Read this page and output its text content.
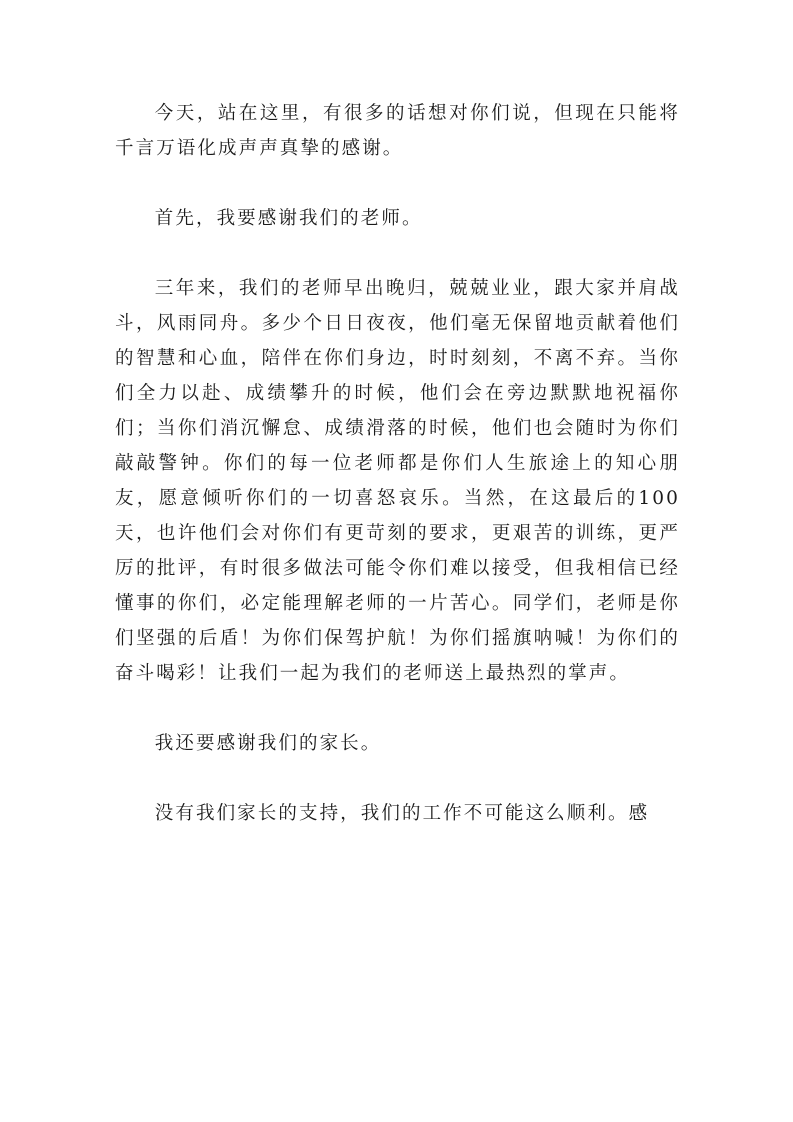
今天，站在这里，有很多的话想对你们说，但现在只能将千言万语化成声声真挚的感谢。

首先，我要感谢我们的老师。

三年来，我们的老师早出晚归，兢兢业业，跟大家并肩战斗，风雨同舟。多少个日日夜夜，他们毫无保留地贡献着他们的智慧和心血，陪伴在你们身边，时时刻刻，不离不弃。当你们全力以赴、成绩攀升的时候，他们会在旁边默默地祝福你们；当你们消沉懈怠、成绩滑落的时候，他们也会随时为你们敲敲警钟。你们的每一位老师都是你们人生旅途上的知心朋友，愿意倾听你们的一切喜怒哀乐。当然，在这最后的100天，也许他们会对你们有更苛刻的要求，更艰苦的训练，更严厉的批评，有时很多做法可能令你们难以接受，但我相信已经懂事的你们，必定能理解老师的一片苦心。同学们，老师是你们坚强的后盾！为你们保驾护航！为你们摇旗呐喊！为你们的奋斗喝彩！让我们一起为我们的老师送上最热烈的掌声。

我还要感谢我们的家长。

没有我们家长的支持，我们的工作不可能这么顺利。感
